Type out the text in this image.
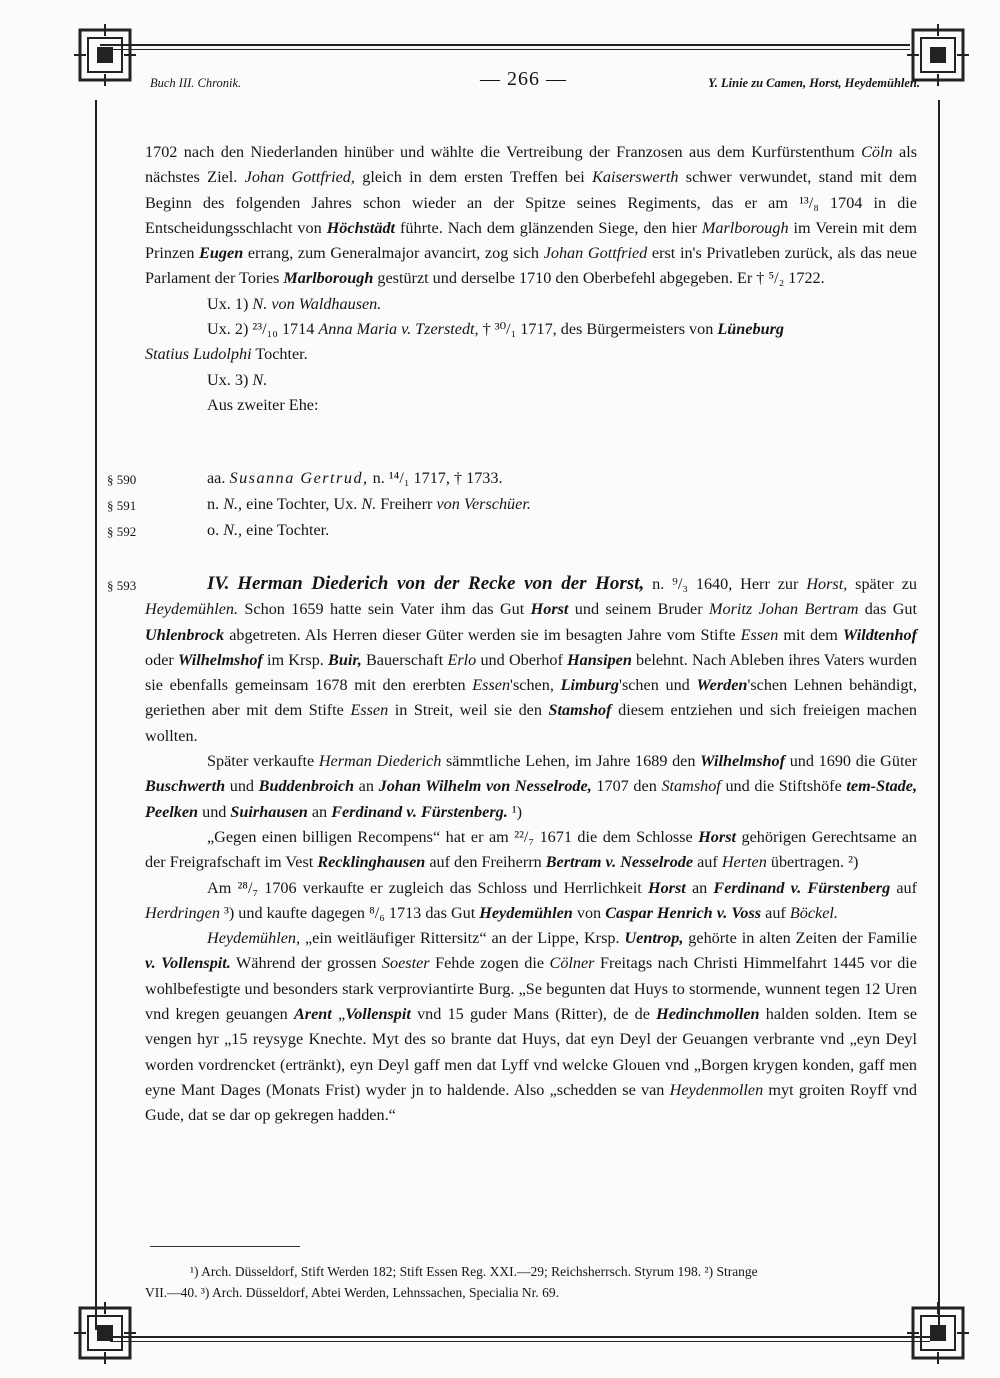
Buch III. Chronik.	— 266 —	Y. Linie zu Camen, Horst, Heydemühlen.

1702 nach den Niederlanden hinüber und wählte die Vertreibung der Franzosen aus dem Kurfürstenthum Cöln als nächstes Ziel. Johan Gottfried, gleich in dem ersten Treffen bei Kaiserswerth schwer verwundet, stand mit dem Beginn des folgenden Jahres schon wieder an der Spitze seines Regiments, das er am ¹³/₈ 1704 in die Entscheidungsschlacht von Höchstädt führte. Nach dem glänzenden Siege, den hier Marlborough im Verein mit dem Prinzen Eugen errang, zum Generalmajor avancirt, zog sich Johan Gottfried erst in's Privatleben zurück, als das neue Parlament der Tories Marlborough gestürzt und derselbe 1710 den Oberbefehl abgegeben. Er † ⁵/₂ 1722.

Ux. 1) N. von Waldhausen.

Ux. 2) ²³/₁₀ 1714 Anna Maria v. Tzerstedt, † ³⁰/₁ 1717, des Bürgermeisters von Lüneburg
Statius Ludolphi Tochter.

Ux. 3) N.

Aus zweiter Ehe:

§ 590	aa. Susanna Gertrud, n. ¹⁴/₁ 1717, † 1733.
§ 591	n. N., eine Tochter, Ux. N. Freiherr von Verschüer.
§ 592	o. N., eine Tochter.
§ 593	IV. Herman Diederich von der Recke von der Horst, n. ⁹/₃ 1640, Herr zur Horst, später zu Heydemühlen. Schon 1659 hatte sein Vater ihm das Gut Horst und seinem Bruder Moritz Johan Bertram das Gut Uhlenbrock abgetreten. Als Herren dieser Güter werden sie im besagten Jahre vom Stifte Essen mit dem Wildtenhof oder Wilhelmshof im Krsp. Buir, Bauerschaft Erlo und Oberhof Hansipen belehnt. Nach Ableben ihres Vaters wurden sie ebenfalls gemeinsam 1678 mit den ererbten Essen'schen, Limburg'schen und Werden'schen Lehnen behändigt, geriethen aber mit dem Stifte Essen in Streit, weil sie den Stamshof diesem entziehen und sich freieigen machen wollten.

Später verkaufte Herman Diederich sämmtliche Lehen, im Jahre 1689 den Wilhelmshof und 1690 die Güter Buschwerth und Buddenbroich an Johan Wilhelm von Nesselrode, 1707 den Stamshof und die Stiftshöfe tem-Stade, Peelken und Suirhausen an Ferdinand v. Fürstenberg. ¹)

„Gegen einen billigen Recompens“ hat er am ²²/₇ 1671 die dem Schlosse Horst gehörigen Gerechtsame an der Freigrafschaft im Vest Recklinghausen auf den Freiherrn Bertram v. Nesselrode auf Herten übertragen. ²)

Am ²⁸/₇ 1706 verkaufte er zugleich das Schloss und Herrlichkeit Horst an Ferdinand v. Fürstenberg auf Herdringen ³) und kaufte dagegen ⁸/₆ 1713 das Gut Heydemühlen von Caspar Henrich v. Voss auf Böckel.

Heydemühlen, „ein weitläufiger Rittersitz“ an der Lippe, Krsp. Uentrop, gehörte in alten Zeiten der Familie v. Vollenspit. Während der grossen Soester Fehde zogen die Cölner Freitags nach Christi Himmelfahrt 1445 vor die wohlbefestigte und besonders stark verproviantirte Burg. „Se begunten dat Huys to stormende, wunnent tegen 12 Uren vnd kregen geuangen Arent „Vollenspit vnd 15 guder Mans (Ritter), de de Hedinchmollen halden solden. Item se vengen hyr „15 reysyge Knechte. Myt des so brante dat Huys, dat eyn Deyl der Geuangen verbrante vnd „eyn Deyl worden vordrencket (ertränkt), eyn Deyl gaff men dat Lyff vnd welcke Glouen vnd „Borgen krygen konden, gaff men eyne Mant Dages (Monats Frist) wyder jn to haldende. Also „schedden se van Heydenmollen myt groiten Royff vnd Gude, dat se dar op gekregen hadden.“

¹) Arch. Düsseldorf, Stift Werden 182; Stift Essen Reg. XXI.—29; Reichsherrsch. Styrum 198. ²) Strange
VII.—40. ³) Arch. Düsseldorf, Abtei Werden, Lehnssachen, Specialia Nr. 69.
